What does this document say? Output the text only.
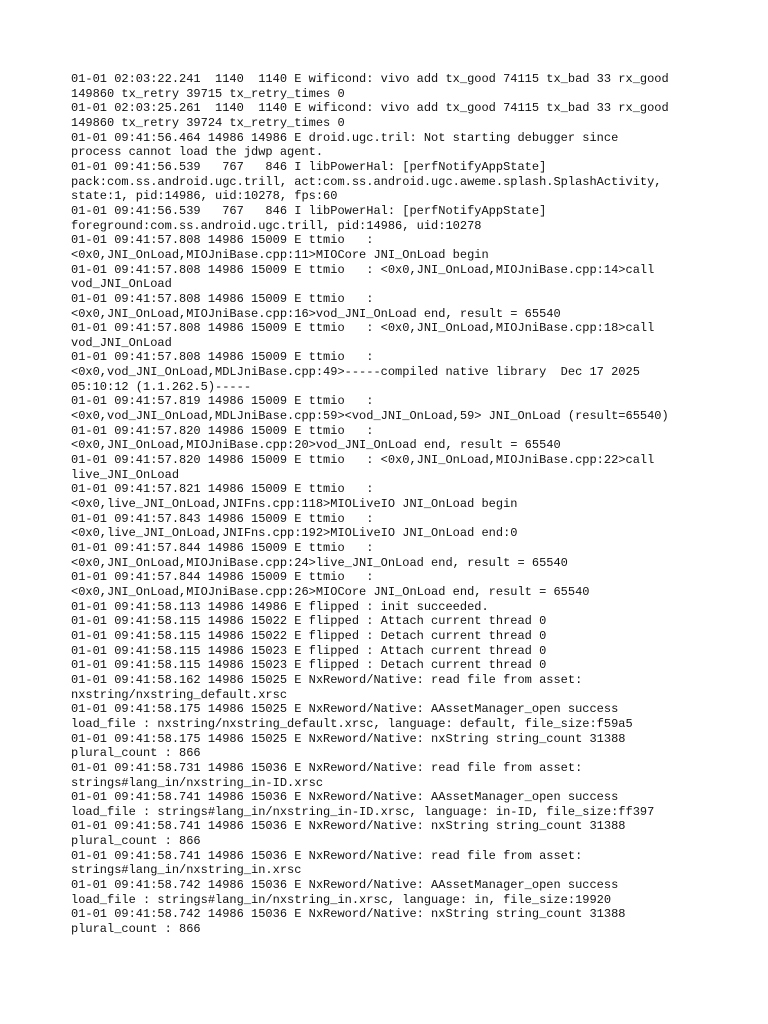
01-01 02:03:22.241  1140  1140 E wificond: vivo add tx_good 74115 tx_bad 33 rx_good
149860 tx_retry 39715 tx_retry_times 0
01-01 02:03:25.261  1140  1140 E wificond: vivo add tx_good 74115 tx_bad 33 rx_good
149860 tx_retry 39724 tx_retry_times 0
01-01 09:41:56.464 14986 14986 E droid.ugc.tril: Not starting debugger since
process cannot load the jdwp agent.
01-01 09:41:56.539   767   846 I libPowerHal: [perfNotifyAppState]
pack:com.ss.android.ugc.trill, act:com.ss.android.ugc.aweme.splash.SplashActivity,
state:1, pid:14986, uid:10278, fps:60
01-01 09:41:56.539   767   846 I libPowerHal: [perfNotifyAppState]
foreground:com.ss.android.ugc.trill, pid:14986, uid:10278
01-01 09:41:57.808 14986 15009 E ttmio   :
<0x0,JNI_OnLoad,MIOJniBase.cpp:11>MIOCore JNI_OnLoad begin
01-01 09:41:57.808 14986 15009 E ttmio   : <0x0,JNI_OnLoad,MIOJniBase.cpp:14>call
vod_JNI_OnLoad
01-01 09:41:57.808 14986 15009 E ttmio   :
<0x0,JNI_OnLoad,MIOJniBase.cpp:16>vod_JNI_OnLoad end, result = 65540
01-01 09:41:57.808 14986 15009 E ttmio   : <0x0,JNI_OnLoad,MIOJniBase.cpp:18>call
vod_JNI_OnLoad
01-01 09:41:57.808 14986 15009 E ttmio   :
<0x0,vod_JNI_OnLoad,MDLJniBase.cpp:49>-----compiled native library  Dec 17 2025
05:10:12 (1.1.262.5)-----
01-01 09:41:57.819 14986 15009 E ttmio   :
<0x0,vod_JNI_OnLoad,MDLJniBase.cpp:59><vod_JNI_OnLoad,59> JNI_OnLoad (result=65540)
01-01 09:41:57.820 14986 15009 E ttmio   :
<0x0,JNI_OnLoad,MIOJniBase.cpp:20>vod_JNI_OnLoad end, result = 65540
01-01 09:41:57.820 14986 15009 E ttmio   : <0x0,JNI_OnLoad,MIOJniBase.cpp:22>call
live_JNI_OnLoad
01-01 09:41:57.821 14986 15009 E ttmio   :
<0x0,live_JNI_OnLoad,JNIFns.cpp:118>MIOLiveIO JNI_OnLoad begin
01-01 09:41:57.843 14986 15009 E ttmio   :
<0x0,live_JNI_OnLoad,JNIFns.cpp:192>MIOLiveIO JNI_OnLoad end:0
01-01 09:41:57.844 14986 15009 E ttmio   :
<0x0,JNI_OnLoad,MIOJniBase.cpp:24>live_JNI_OnLoad end, result = 65540
01-01 09:41:57.844 14986 15009 E ttmio   :
<0x0,JNI_OnLoad,MIOJniBase.cpp:26>MIOCore JNI_OnLoad end, result = 65540
01-01 09:41:58.113 14986 14986 E flipped : init succeeded.
01-01 09:41:58.115 14986 15022 E flipped : Attach current thread 0
01-01 09:41:58.115 14986 15022 E flipped : Detach current thread 0
01-01 09:41:58.115 14986 15023 E flipped : Attach current thread 0
01-01 09:41:58.115 14986 15023 E flipped : Detach current thread 0
01-01 09:41:58.162 14986 15025 E NxReword/Native: read file from asset:
nxstring/nxstring_default.xrsc
01-01 09:41:58.175 14986 15025 E NxReword/Native: AAssetManager_open success
load_file : nxstring/nxstring_default.xrsc, language: default, file_size:f59a5
01-01 09:41:58.175 14986 15025 E NxReword/Native: nxString string_count 31388
plural_count : 866
01-01 09:41:58.731 14986 15036 E NxReword/Native: read file from asset:
strings#lang_in/nxstring_in-ID.xrsc
01-01 09:41:58.741 14986 15036 E NxReword/Native: AAssetManager_open success
load_file : strings#lang_in/nxstring_in-ID.xrsc, language: in-ID, file_size:ff397
01-01 09:41:58.741 14986 15036 E NxReword/Native: nxString string_count 31388
plural_count : 866
01-01 09:41:58.741 14986 15036 E NxReword/Native: read file from asset:
strings#lang_in/nxstring_in.xrsc
01-01 09:41:58.742 14986 15036 E NxReword/Native: AAssetManager_open success
load_file : strings#lang_in/nxstring_in.xrsc, language: in, file_size:19920
01-01 09:41:58.742 14986 15036 E NxReword/Native: nxString string_count 31388
plural_count : 866
